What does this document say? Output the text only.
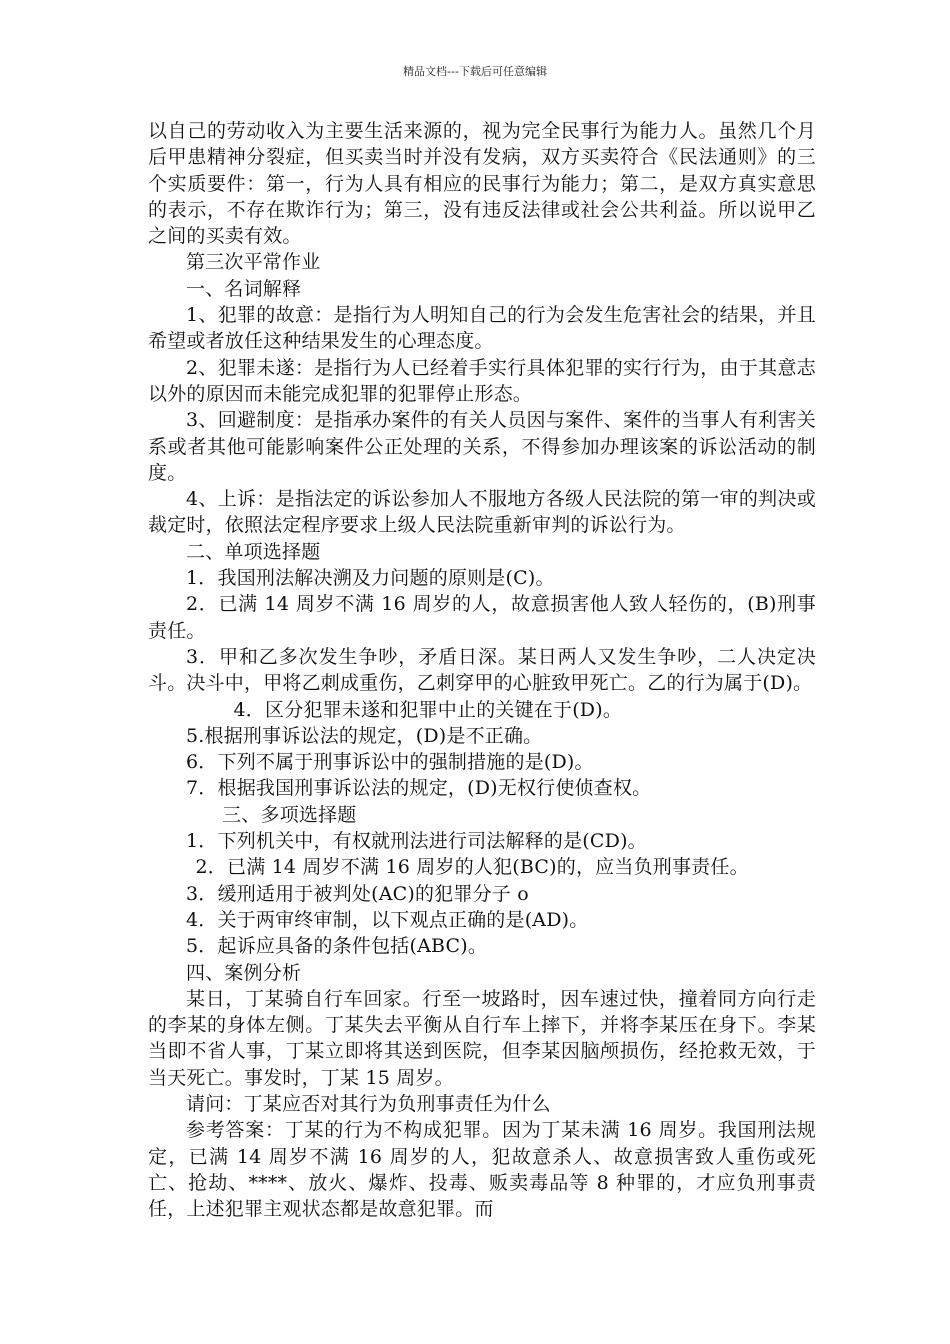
精品文档---下载后可任意编辑

以自己的劳动收入为主要生活来源的，视为完全民事行为能力人。虽然几个月后甲患精神分裂症，但买卖当时并没有发病，双方买卖符合《民法通则》的三个实质要件：第一，行为人具有相应的民事行为能力；第二，是双方真实意思的表示，不存在欺诈行为；第三，没有违反法律或社会公共利益。所以说甲乙之间的买卖有效。

第三次平常作业

一、名词解释

1、犯罪的故意：是指行为人明知自己的行为会发生危害社会的结果，并且希望或者放任这种结果发生的心理态度。

2、犯罪未遂：是指行为人已经着手实行具体犯罪的实行行为，由于其意志以外的原因而未能完成犯罪的犯罪停止形态。

3、回避制度：是指承办案件的有关人员因与案件、案件的当事人有利害关系或者其他可能影响案件公正处理的关系，不得参加办理该案的诉讼活动的制度。

4、上诉：是指法定的诉讼参加人不服地方各级人民法院的第一审的判决或裁定时，依照法定程序要求上级人民法院重新审判的诉讼行为。

二、单项选择题

1．我国刑法解决溯及力问题的原则是(C)。

2．已满 14 周岁不满 16 周岁的人，故意损害他人致人轻伤的，(B)刑事责任。

3．甲和乙多次发生争吵，矛盾日深。某日两人又发生争吵，二人决定决斗。决斗中，甲将乙刺成重伤，乙刺穿甲的心脏致甲死亡。乙的行为属于(D)。

4．区分犯罪未遂和犯罪中止的关键在于(D)。

5.根据刑事诉讼法的规定，(D)是不正确。

6．下列不属于刑事诉讼中的强制措施的是(D)。

7．根据我国刑事诉讼法的规定，(D)无权行使侦查权。

三、多项选择题

1．下列机关中，有权就刑法进行司法解释的是(CD)。

2．已满 14 周岁不满 16 周岁的人犯(BC)的，应当负刑事责任。

3．缓刑适用于被判处(AC)的犯罪分子 o

4．关于两审终审制，以下观点正确的是(AD)。

5．起诉应具备的条件包括(ABC)。

四、案例分析

某日，丁某骑自行车回家。行至一坡路时，因车速过快，撞着同方向行走的李某的身体左侧。丁某失去平衡从自行车上摔下，并将李某压在身下。李某当即不省人事，丁某立即将其送到医院，但李某因脑颅损伤，经抢救无效，于当天死亡。事发时，丁某 15 周岁。

请问：丁某应否对其行为负刑事责任为什么

参考答案：丁某的行为不构成犯罪。因为丁某未满 16 周岁。我国刑法规定，已满 14 周岁不满 16 周岁的人，犯故意杀人、故意损害致人重伤或死亡、抢劫、****、放火、爆炸、投毒、贩卖毒品等 8 种罪的，才应负刑事责任，上述犯罪主观状态都是故意犯罪。而
